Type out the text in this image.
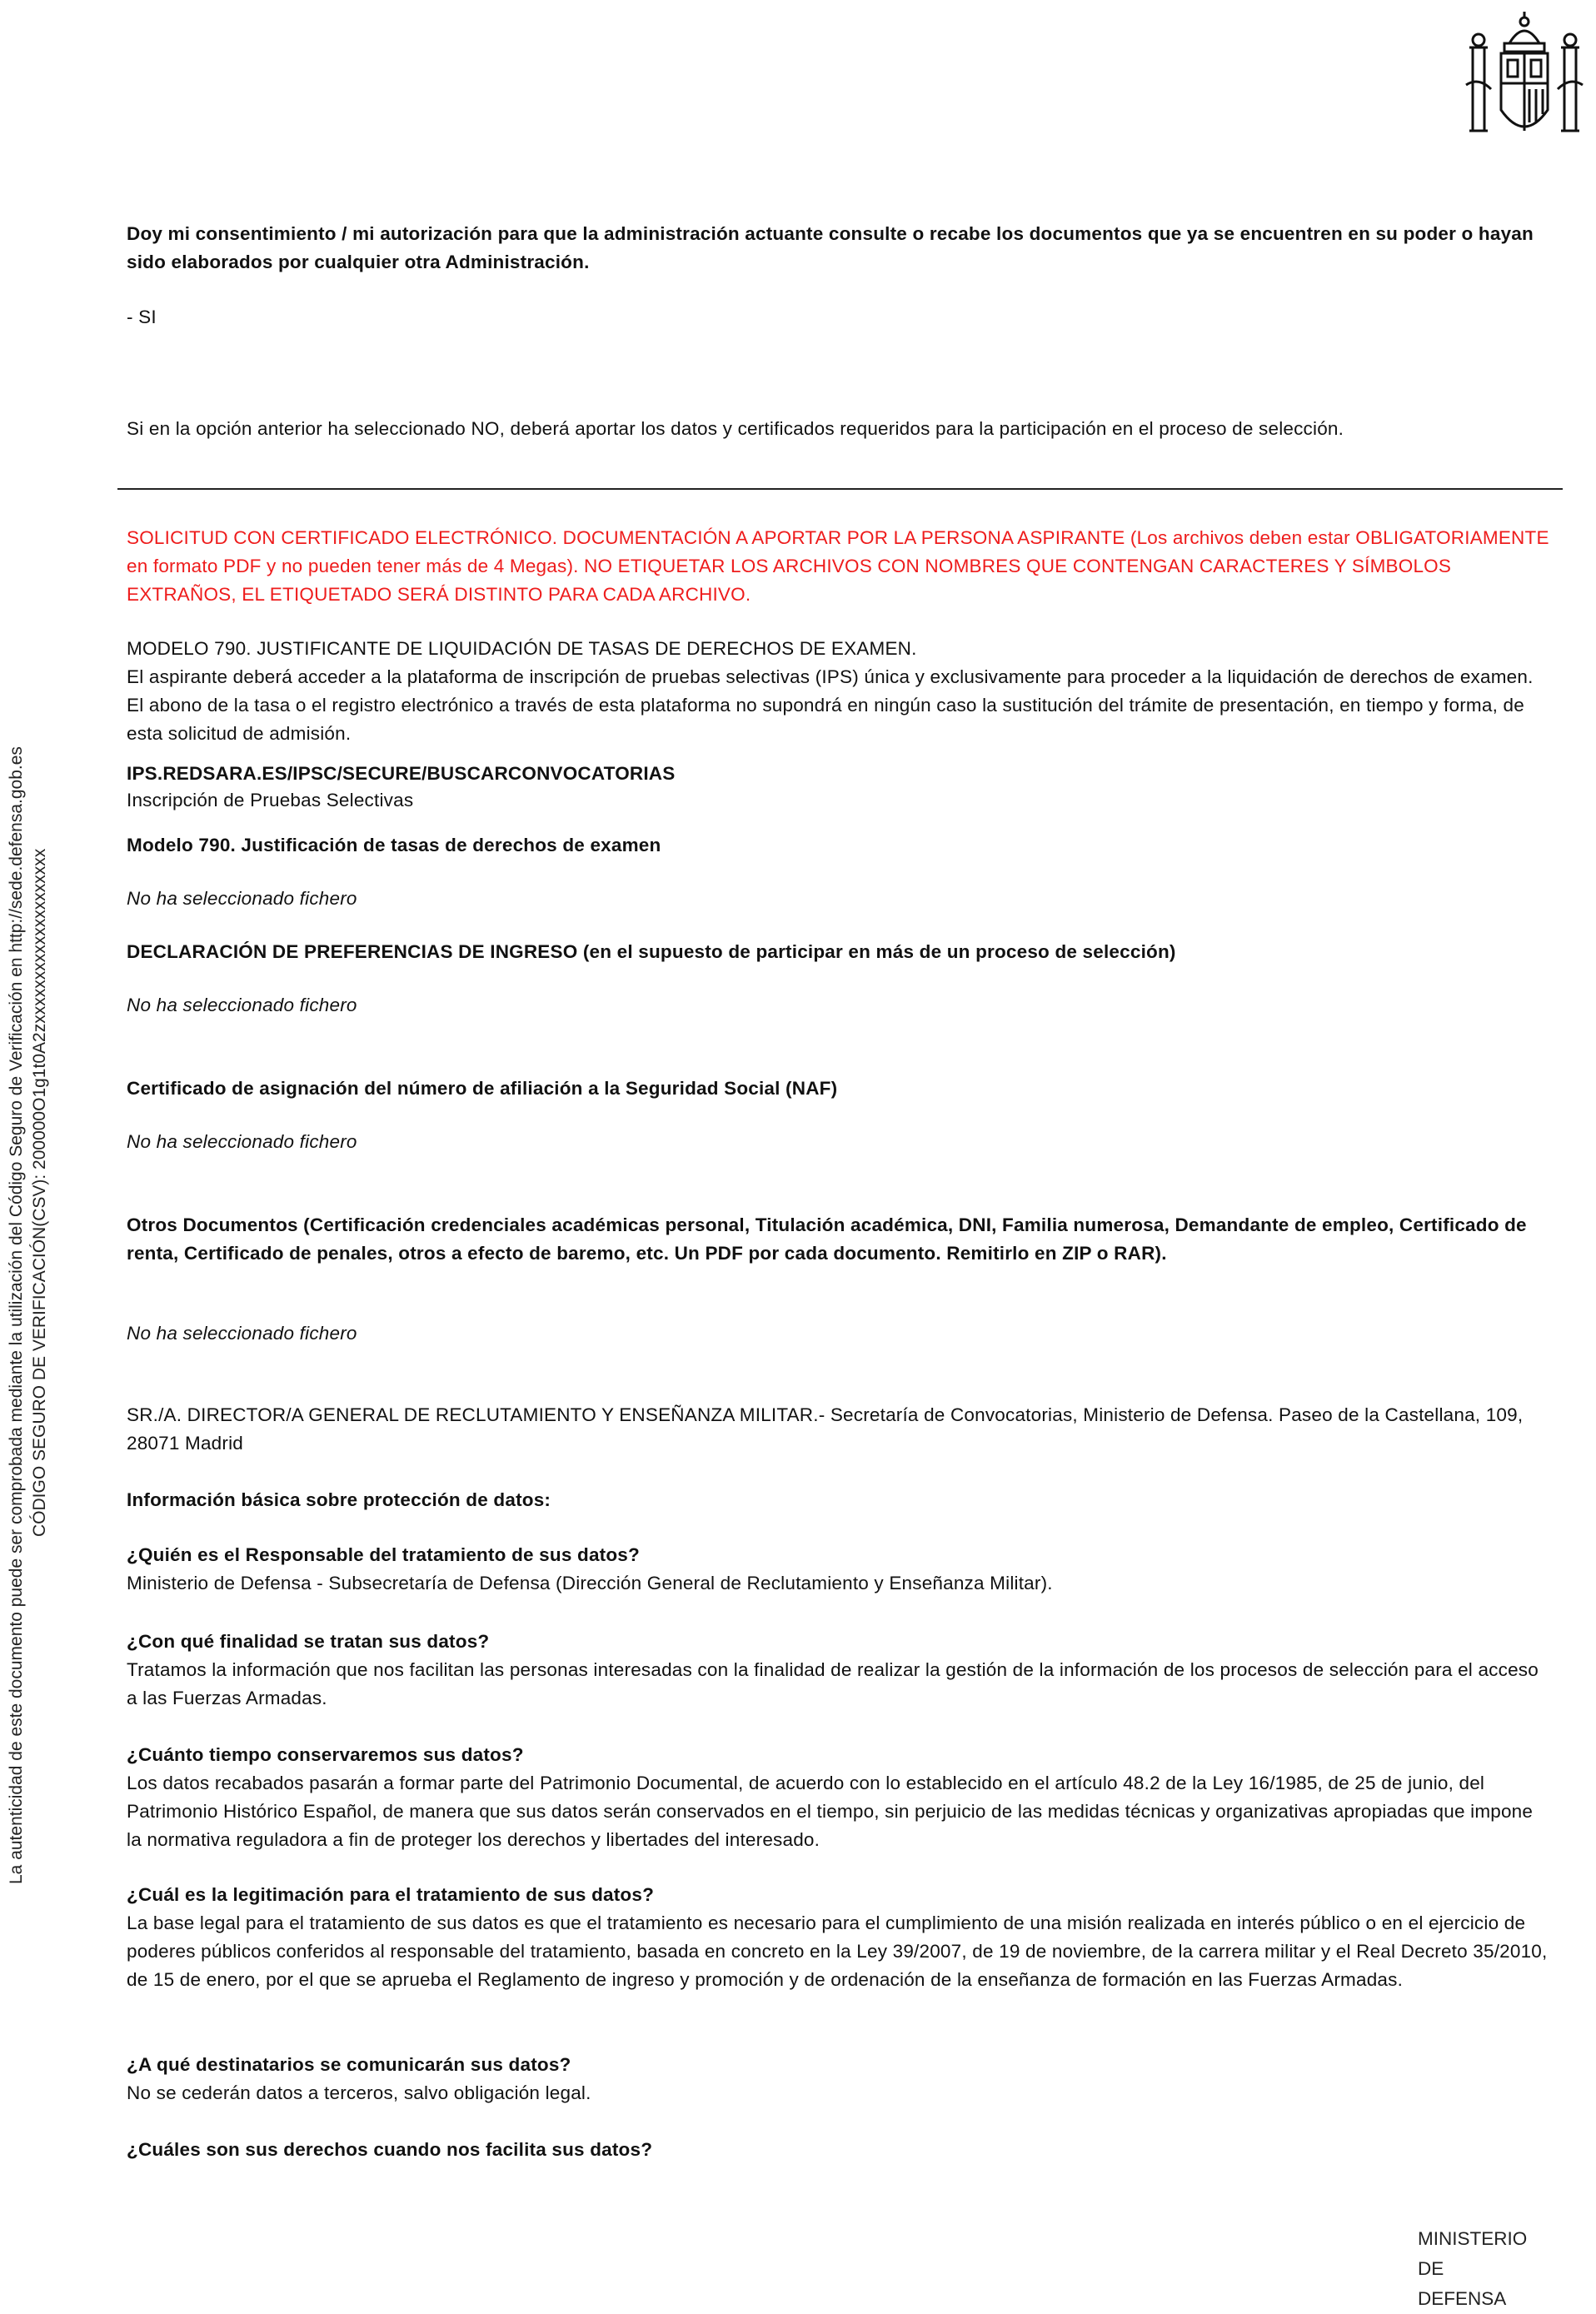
La autenticidad de este documento puede ser comprobada mediante la utilización del Código Seguro de Verificación en http://sede.defensa.gob.es CÓDIGO SEGURO DE VERIFICACIÓN(CSV): 200000O1g1t0A2zxxxxxxxxxxxxxxxxxxxx
Doy mi consentimiento / mi autorización para que la administración actuante consulte o recabe los documentos que ya se encuentren en su poder o hayan sido elaborados por cualquier otra Administración.
- SI
Si en la opción anterior ha seleccionado NO, deberá aportar los datos y certificados requeridos para la participación en el proceso de selección.
SOLICITUD CON CERTIFICADO ELECTRÓNICO. DOCUMENTACIÓN A APORTAR POR LA PERSONA ASPIRANTE (Los archivos deben estar OBLIGATORIAMENTE en formato PDF y no pueden tener más de 4 Megas). NO ETIQUETAR LOS ARCHIVOS CON NOMBRES QUE CONTENGAN CARACTERES Y SÍMBOLOS EXTRAÑOS, EL ETIQUETADO SERÁ DISTINTO PARA CADA ARCHIVO.
MODELO 790. JUSTIFICANTE DE LIQUIDACIÓN DE TASAS DE DERECHOS DE EXAMEN.
El aspirante deberá acceder a la plataforma de inscripción de pruebas selectivas (IPS) única y exclusivamente para proceder a la liquidación de derechos de examen. El abono de la tasa o el registro electrónico a través de esta plataforma no supondrá en ningún caso la sustitución del trámite de presentación, en tiempo y forma, de esta solicitud de admisión.
IPS.REDSARA.ES/IPSC/SECURE/BUSCARCONVOCATORIAS
Inscripción de Pruebas Selectivas
Modelo 790. Justificación de tasas de derechos de examen
No ha seleccionado fichero
DECLARACIÓN DE PREFERENCIAS DE INGRESO (en el supuesto de participar en más de un proceso de selección)
No ha seleccionado fichero
Certificado de asignación del número de afiliación a la Seguridad Social (NAF)
No ha seleccionado fichero
Otros Documentos (Certificación credenciales académicas personal, Titulación académica, DNI, Familia numerosa, Demandante de empleo, Certificado de renta, Certificado de penales, otros a efecto de baremo, etc. Un PDF por cada documento. Remitirlo en ZIP o RAR).
No ha seleccionado fichero
SR./A. DIRECTOR/A GENERAL DE RECLUTAMIENTO Y ENSEÑANZA MILITAR.- Secretaría de Convocatorias, Ministerio de Defensa. Paseo de la Castellana, 109, 28071 Madrid
Información básica sobre protección de datos:
¿Quién es el Responsable del tratamiento de sus datos?
Ministerio de Defensa - Subsecretaría de Defensa (Dirección General de Reclutamiento y Enseñanza Militar).
¿Con qué finalidad se tratan sus datos?
Tratamos la información que nos facilitan las personas interesadas con la finalidad de realizar la gestión de la información de los procesos de selección para el acceso a las Fuerzas Armadas.
¿Cuánto tiempo conservaremos sus datos?
Los datos recabados pasarán a formar parte del Patrimonio Documental, de acuerdo con lo establecido en el artículo 48.2 de la Ley 16/1985, de 25 de junio, del Patrimonio Histórico Español, de manera que sus datos serán conservados en el tiempo, sin perjuicio de las medidas técnicas y organizativas apropiadas que impone la normativa reguladora a fin de proteger los derechos y libertades del interesado.
¿Cuál es la legitimación para el tratamiento de sus datos?
La base legal para el tratamiento de sus datos es que el tratamiento es necesario para el cumplimiento de una misión realizada en interés público o en el ejercicio de poderes públicos conferidos al responsable del tratamiento, basada en concreto en la Ley 39/2007, de 19 de noviembre, de la carrera militar y el Real Decreto 35/2010, de 15 de enero, por el que se aprueba el Reglamento de ingreso y promoción y de ordenación de la enseñanza de formación en las Fuerzas Armadas.
¿A qué destinatarios se comunicarán sus datos?
No se cederán datos a terceros, salvo obligación legal.
¿Cuáles son sus derechos cuando nos facilita sus datos?
MINISTERIO
DE
DEFENSA
